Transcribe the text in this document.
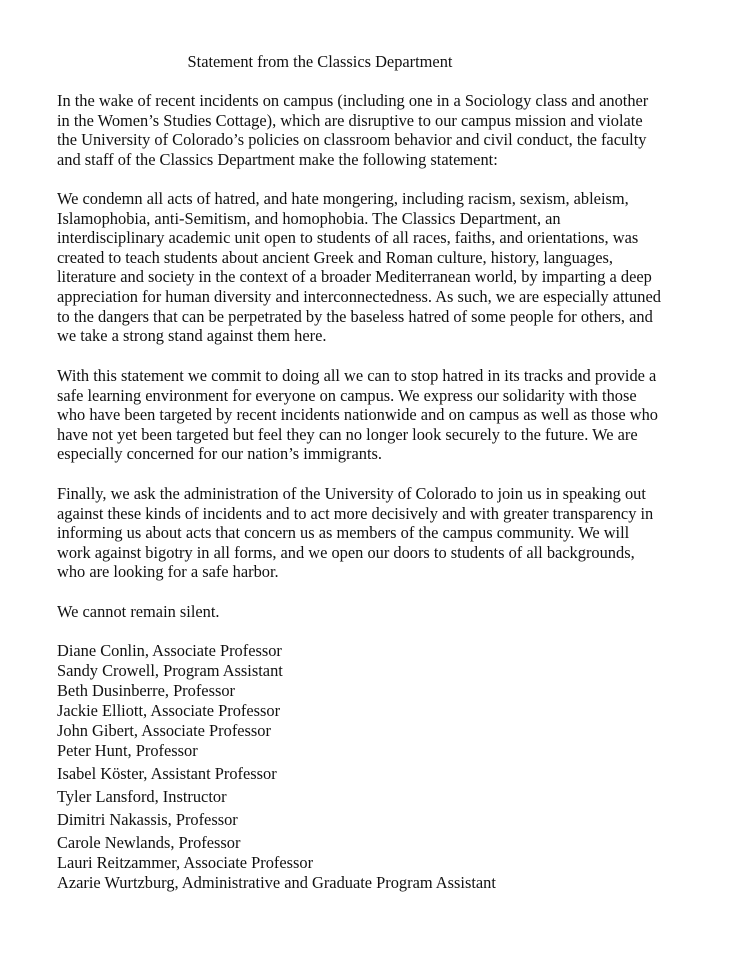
Statement from the Classics Department

In the wake of recent incidents on campus (including one in a Sociology class and another
in the Women’s Studies Cottage), which are disruptive to our campus mission and violate
the University of Colorado’s policies on classroom behavior and civil conduct, the faculty
and staff of the Classics Department make the following statement:

We condemn all acts of hatred, and hate mongering, including racism, sexism, ableism,
Islamophobia, anti-Semitism, and homophobia. The Classics Department, an
interdisciplinary academic unit open to students of all races, faiths, and orientations, was
created to teach students about ancient Greek and Roman culture, history, languages,
literature and society in the context of a broader Mediterranean world, by imparting a deep
appreciation for human diversity and interconnectedness. As such, we are especially attuned
to the dangers that can be perpetrated by the baseless hatred of some people for others, and
we take a strong stand against them here.

With this statement we commit to doing all we can to stop hatred in its tracks and provide a
safe learning environment for everyone on campus. We express our solidarity with those
who have been targeted by recent incidents nationwide and on campus as well as those who
have not yet been targeted but feel they can no longer look securely to the future. We are
especially concerned for our nation’s immigrants.

Finally, we ask the administration of the University of Colorado to join us in speaking out
against these kinds of incidents and to act more decisively and with greater transparency in
informing us about acts that concern us as members of the campus community. We will
work against bigotry in all forms, and we open our doors to students of all backgrounds,
who are looking for a safe harbor.

We cannot remain silent.

Diane Conlin, Associate Professor
Sandy Crowell, Program Assistant
Beth Dusinberre, Professor
Jackie Elliott, Associate Professor
John Gibert, Associate Professor
Peter Hunt, Professor
Isabel Köster, Assistant Professor
Tyler Lansford, Instructor
Dimitri Nakassis, Professor
Carole Newlands, Professor
Lauri Reitzammer, Associate Professor
Azarie Wurtzburg, Administrative and Graduate Program Assistant
